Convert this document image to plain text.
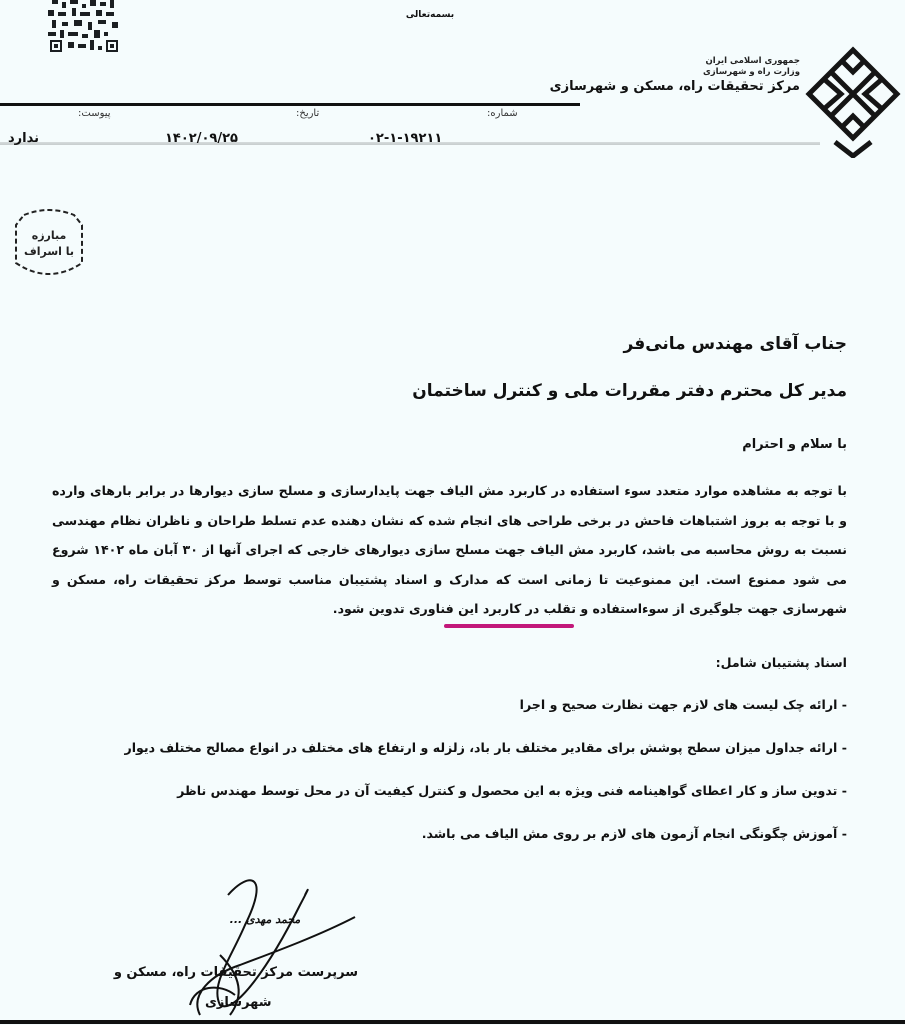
بسمه‌تعالی
جمهوری اسلامی ایران
وزارت راه و شهرسازی
مرکز تحقیقات راه، مسکن و شهرسازی
شماره:
تاریخ:
پیوست:
۰۲-۱-۱۹۲۱۱
۱۴۰۲/۰۹/۲۵
ندارد
مبارزه
با اسراف
جناب آقای مهندس مانی‌فر
مدیر کل محترم دفتر مقررات ملی و کنترل ساختمان
با سلام و احترام
با توجه به مشاهده موارد متعدد سوء استفاده در کاربرد مش الیاف جهت پایدارسازی و مسلح سازی دیوارها در برابر بارهای وارده و با توجه به بروز اشتباهات فاحش در برخی طراحی های انجام شده که نشان دهنده عدم تسلط طراحان و ناظران نظام مهندسی نسبت به روش محاسبه می باشد، کاربرد مش الیاف جهت مسلح سازی دیوارهای خارجی که اجرای آنها از ۳۰ آبان ماه ۱۴۰۲ شروع می شود ممنوع است. این ممنوعیت تا زمانی است که مدارک و اسناد پشتیبان مناسب توسط مرکز تحقیقات راه، مسکن و شهرسازی جهت جلوگیری از سوءاستفاده و تقلب در کاربرد این فناوری تدوین شود.
اسناد پشتیبان شامل:
- ارائه چک لیست های لازم جهت نظارت صحیح و اجرا
- ارائه جداول میزان سطح پوشش برای مقادیر مختلف بار باد، زلزله و ارتفاع های مختلف در انواع مصالح مختلف دیوار
- تدوین ساز و کار اعطای گواهینامه فنی ویژه به این محصول و کنترل کیفیت آن در محل توسط مهندس ناظر
- آموزش چگونگی انجام آزمون های لازم بر روی مش الیاف می باشد.
محمد مهدی ...
سرپرست مرکز تحقیقات راه، مسکن و
شهرسازی
